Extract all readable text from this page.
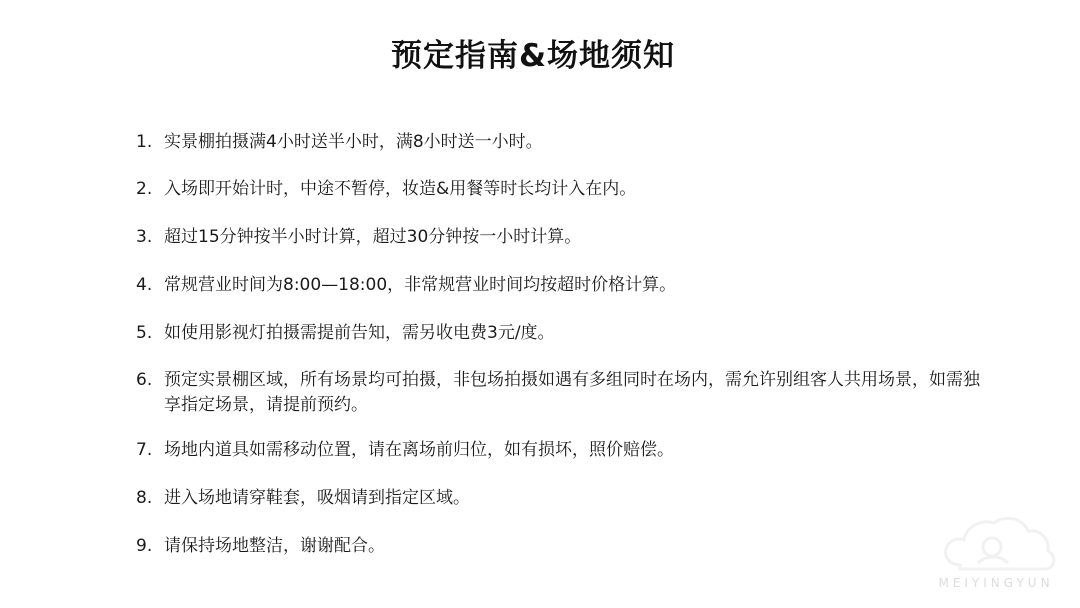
预定指南&场地须知
1. 实景棚拍摄满4小时送半小时，满8小时送一小时。
2. 入场即开始计时，中途不暂停，妆造&用餐等时长均计入在内。
3. 超过15分钟按半小时计算，超过30分钟按一小时计算。
4. 常规营业时间为8:00—18:00，非常规营业时间均按超时价格计算。
5. 如使用影视灯拍摄需提前告知，需另收电费3元/度。
6. 预定实景棚区域，所有场景均可拍摄，非包场拍摄如遇有多组同时在场内，需允许别组客人共用场景，如需独享指定场景，请提前预约。
7. 场地内道具如需移动位置，请在离场前归位，如有损坏，照价赔偿。
8. 进入场地请穿鞋套，吸烟请到指定区域。
9. 请保持场地整洁，谢谢配合。
MEIYINGYUN
